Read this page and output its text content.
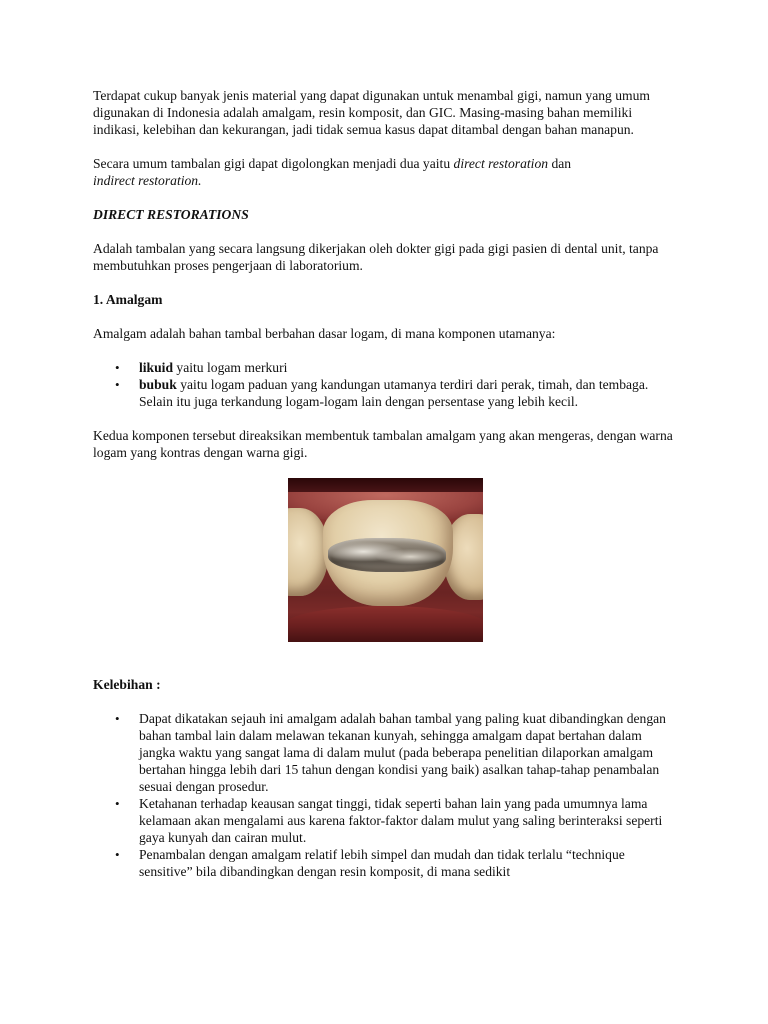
Terdapat cukup banyak jenis material yang dapat digunakan untuk menambal gigi, namun yang umum digunakan di Indonesia adalah amalgam, resin komposit, dan GIC. Masing-masing bahan memiliki indikasi, kelebihan dan kekurangan, jadi tidak semua kasus dapat ditambal dengan bahan manapun.

Secara umum tambalan gigi dapat digolongkan menjadi dua yaitu direct restoration dan
indirect restoration.

DIRECT RESTORATIONS

Adalah tambalan yang secara langsung dikerjakan oleh dokter gigi pada gigi pasien di dental unit, tanpa membutuhkan proses pengerjaan di laboratorium.

1. Amalgam

Amalgam adalah bahan tambal berbahan dasar logam, di mana komponen utamanya:

• likuid yaitu logam merkuri
• bubuk yaitu logam paduan yang kandungan utamanya terdiri dari perak, timah, dan tembaga. Selain itu juga terkandung logam-logam lain dengan persentase yang lebih kecil.

Kedua komponen tersebut direaksikan membentuk tambalan amalgam yang akan mengeras, dengan warna logam yang kontras dengan warna gigi.

Kelebihan :

• Dapat dikatakan sejauh ini amalgam adalah bahan tambal yang paling kuat dibandingkan dengan bahan tambal lain dalam melawan tekanan kunyah, sehingga amalgam dapat bertahan dalam jangka waktu yang sangat lama di dalam mulut (pada beberapa penelitian dilaporkan amalgam bertahan hingga lebih dari 15 tahun dengan kondisi yang baik) asalkan tahap-tahap penambalan sesuai dengan prosedur.
• Ketahanan terhadap keausan sangat tinggi, tidak seperti bahan lain yang pada umumnya lama kelamaan akan mengalami aus karena faktor-faktor dalam mulut yang saling berinteraksi seperti gaya kunyah dan cairan mulut.
• Penambalan dengan amalgam relatif lebih simpel dan mudah dan tidak terlalu “technique sensitive” bila dibandingkan dengan resin komposit, di mana sedikit
